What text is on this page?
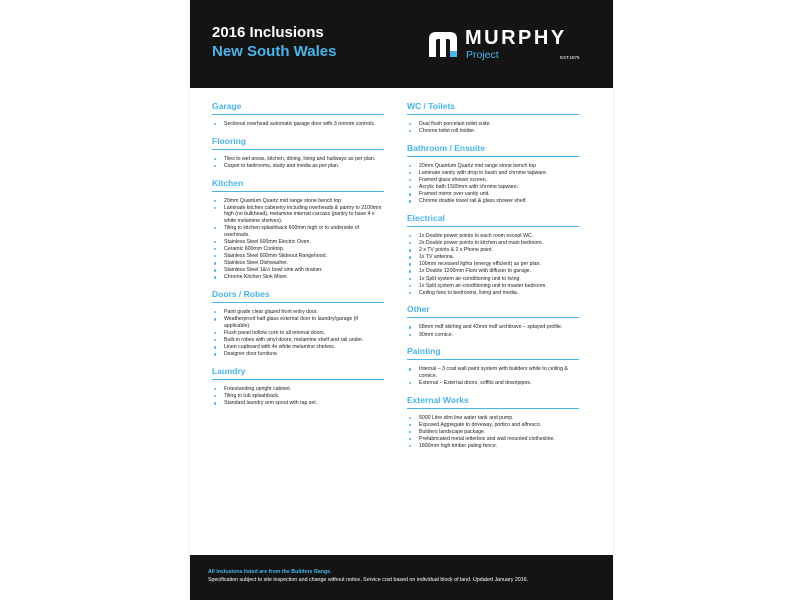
2016 Inclusions
New South Wales
MURPHY
Project	EST.1875
Garage
Sectional overhead automatic garage door with 3 remote controls.
Flooring
Tiles to wet areas, kitchen, dining, living and hallways as per plan.
Carpet to bedrooms, study and media as per plan.
Kitchen
20mm Quantum Quartz mid range stone bench top
Laminate kitchen cabinetry including overheads & pantry to 2100mm high (no bulkhead), melamine internal carcass (pantry to have 4 x white melamine shelves).
Tiling to kitchen splashback 600mm high or to underside of overheads.
Stainless Steel 600mm Electric Oven.
Ceramic 600mm Cooktop.
Stainless Steel 600mm Slideout Rangehood.
Stainless Steel Dishwasher.
Stainless Steel 1&½ bowl sink with drainer.
Chrome Kitchen Sink Mixer.
Doors / Robes
Paint grade clear glazed front entry door.
Weatherproof half glass external door to laundry/garage (if applicable).
Flush panel hollow core to all internal doors.
Built-in robes with vinyl doors, melamine shelf and rail under.
Linen cupboard with 4x white melamine shelves.
Designer door furniture.
Laundry
Freestanding upright cabinet.
Tiling to tub splashback.
Standard laundry arm spout with tap set.
WC / Toilets
Dual flush porcelain toilet suite.
Chrome toilet roll holder.
Bathroom / Ensuite
20mm Quantum Quartz mid range stone bench top
Laminate vanity with drop in basin and chrome tapware.
Framed glass shower screen.
Acrylic bath 1500mm with chrome tapware.
Framed mirror over vanity unit.
Chrome double towel rail & glass shower shelf.
Electrical
1x Double power points to each room except WC.
2x Double power points to kitchen and main bedroom.
2 x TV points & 2 x Phone point.
1x TV antenna.
100mm recessed lights (energy efficient) as per plan.
1x Double 1200mm Fluro with diffuser to garage.
1x Split system air-conditioning unit to living.
1x Split system air-conditioning unit to master bedroom.
Ceiling fans to bedrooms, living and media.
Other
68mm mdf skirting and 42mm mdf architrave – splayed profile.
90mm cornice.
Painting
Internal – 3 coat wall paint system with builders white to ceiling & cornice.
External – External doors, soffits and downpipes.
External Works
5000 Litre slim line water tank and pump.
Exposed Aggregate to driveway, portico and alfresco.
Builders landscape package.
Prefabricated metal letterbox and wall mounted clothesline.
1800mm high timber paling fence.
All inclusions listed are from the Builders Range.
Specification subject to site inspection and change without notice. Service cost based on individual block of land. Updated January 2016.
